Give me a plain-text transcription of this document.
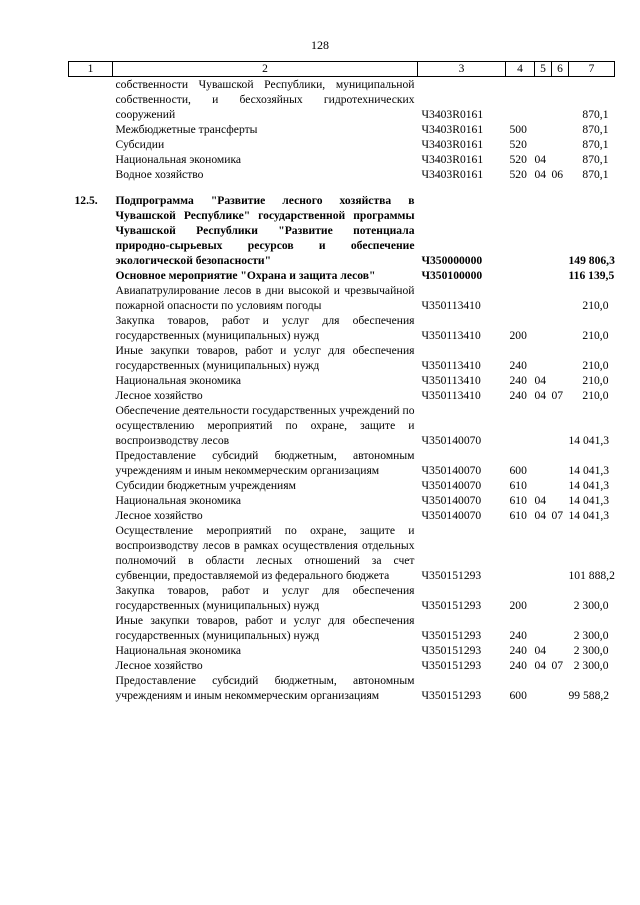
128
1	2	3	4	5	6	7
	собственности Чувашской Республики, муниципальной собственности, и бесхозяйных гидротехнических сооружений	Ч3403R0161				870,1
	Межбюджетные трансферты	Ч3403R0161	500			870,1
	Субсидии	Ч3403R0161	520			870,1
	Национальная экономика	Ч3403R0161	520	04		870,1
	Водное хозяйство	Ч3403R0161	520	04	06	870,1

12.5.	Подпрограмма "Развитие лесного хозяйства в Чувашской Республике" государственной программы Чувашской Республики "Развитие потенциала природно-сырьевых ресурсов и обеспечение экологической безопасности"	Ч350000000				149 806,3
	Основное мероприятие "Охрана и защита лесов"	Ч350100000				116 139,5
	Авиапатрулирование лесов в дни высокой и чрезвычайной пожарной опасности по условиям погоды	Ч350113410				210,0
	Закупка товаров, работ и услуг для обеспечения государственных (муниципальных) нужд	Ч350113410	200			210,0
	Иные закупки товаров, работ и услуг для обеспечения государственных (муниципальных) нужд	Ч350113410	240			210,0
	Национальная экономика	Ч350113410	240	04		210,0
	Лесное хозяйство	Ч350113410	240	04	07	210,0
	Обеспечение деятельности государственных учреждений по осуществлению мероприятий по охране, защите и воспроизводству лесов	Ч350140070				14 041,3
	Предоставление субсидий бюджетным, автономным учреждениям и иным некоммерческим организациям	Ч350140070	600			14 041,3
	Субсидии бюджетным учреждениям	Ч350140070	610			14 041,3
	Национальная экономика	Ч350140070	610	04		14 041,3
	Лесное хозяйство	Ч350140070	610	04	07	14 041,3
	Осуществление мероприятий по охране, защите и воспроизводству лесов в рамках осуществления отдельных полномочий в области лесных отношений за счет субвенции, предоставляемой из федерального бюджета	Ч350151293				101 888,2
	Закупка товаров, работ и услуг для обеспечения государственных (муниципальных) нужд	Ч350151293	200			2 300,0
	Иные закупки товаров, работ и услуг для обеспечения государственных (муниципальных) нужд	Ч350151293	240			2 300,0
	Национальная экономика	Ч350151293	240	04		2 300,0
	Лесное хозяйство	Ч350151293	240	04	07	2 300,0
	Предоставление субсидий бюджетным, автономным учреждениям и иным некоммерческим организациям	Ч350151293	600			99 588,2
